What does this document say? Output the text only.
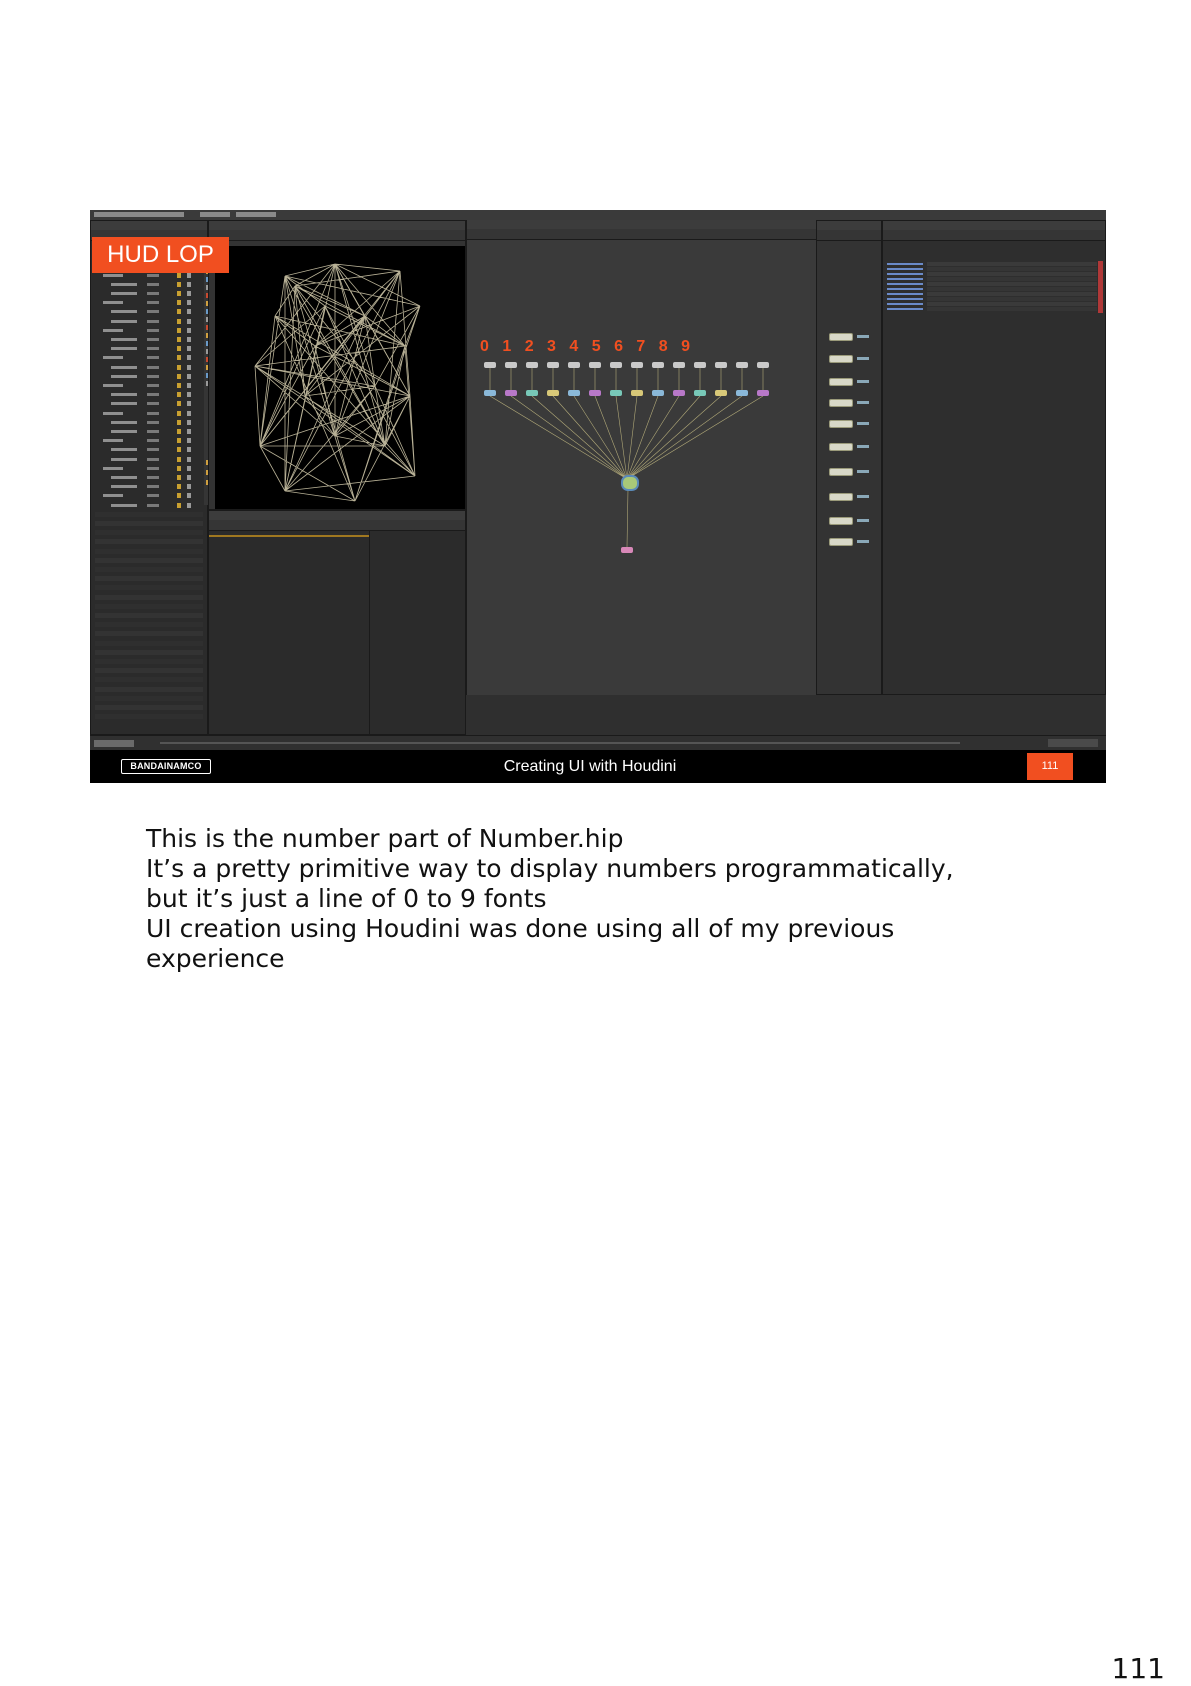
0 1 2 3 4 5 6 7 8 9
HUD LOP
BANDAINAMCO	Creating UI with Houdini	111
This is the number part of Number.hip
It’s a pretty primitive way to display numbers programmatically,
but it’s just a line of 0 to 9 fonts
UI creation using Houdini was done using all of my previous
experience
111
